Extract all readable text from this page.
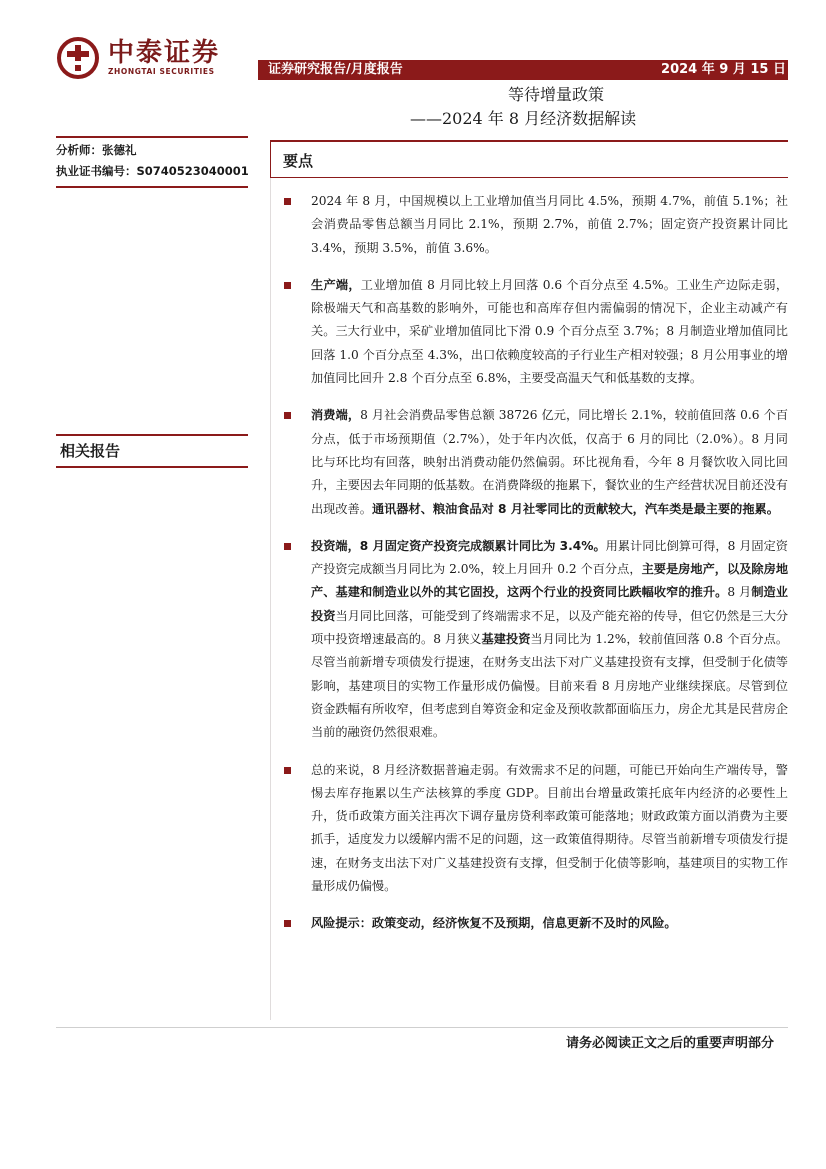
中泰证券
ZHONGTAI SECURITIES	证券研究报告/月度报告	2024 年 9 月 15 日
等待增量政策
——2024 年 8 月经济数据解读
分析师：张德礼
执业证书编号：S0740523040001
相关报告
要点
2024 年 8 月，中国规模以上工业增加值当月同比 4.5%，预期 4.7%，前值 5.1%；社会消费品零售总额当月同比 2.1%，预期 2.7%，前值 2.7%；固定资产投资累计同比 3.4%，预期 3.5%，前值 3.6%。
生产端，工业增加值 8 月同比较上月回落 0.6 个百分点至 4.5%。工业生产边际走弱，除极端天气和高基数的影响外，可能也和高库存但内需偏弱的情况下，企业主动减产有关。三大行业中，采矿业增加值同比下滑 0.9 个百分点至 3.7%；8 月制造业增加值同比回落 1.0 个百分点至 4.3%，出口依赖度较高的子行业生产相对较强；8 月公用事业的增加值同比回升 2.8 个百分点至 6.8%，主要受高温天气和低基数的支撑。
消费端，8 月社会消费品零售总额 38726 亿元，同比增长 2.1%，较前值回落 0.6 个百分点，低于市场预期值（2.7%），处于年内次低，仅高于 6 月的同比（2.0%）。8 月同比与环比均有回落，映射出消费动能仍然偏弱。环比视角看，今年 8 月餐饮收入同比回升，主要因去年同期的低基数。在消费降级的拖累下，餐饮业的生产经营状况目前还没有出现改善。通讯器材、粮油食品对 8 月社零同比的贡献较大，汽车类是最主要的拖累。
投资端，8 月固定资产投资完成额累计同比为 3.4%。用累计同比倒算可得，8 月固定资产投资完成额当月同比为 2.0%，较上月回升 0.2 个百分点，主要是房地产，以及除房地产、基建和制造业以外的其它固投，这两个行业的投资同比跌幅收窄的推升。8 月制造业投资当月同比回落，可能受到了终端需求不足，以及产能充裕的传导，但它仍然是三大分项中投资增速最高的。8 月狭义基建投资当月同比为 1.2%，较前值回落 0.8 个百分点。尽管当前新增专项债发行提速，在财务支出法下对广义基建投资有支撑，但受制于化债等影响，基建项目的实物工作量形成仍偏慢。目前来看 8 月房地产业继续探底。尽管到位资金跌幅有所收窄，但考虑到自筹资金和定金及预收款都面临压力，房企尤其是民营房企当前的融资仍然很艰难。
总的来说，8 月经济数据普遍走弱。有效需求不足的问题，可能已开始向生产端传导，警惕去库存拖累以生产法核算的季度 GDP。目前出台增量政策托底年内经济的必要性上升，货币政策方面关注再次下调存量房贷利率政策可能落地；财政政策方面以消费为主要抓手，适度发力以缓解内需不足的问题，这一政策值得期待。尽管当前新增专项债发行提速，在财务支出法下对广义基建投资有支撑，但受制于化债等影响，基建项目的实物工作量形成仍偏慢。
风险提示：政策变动，经济恢复不及预期，信息更新不及时的风险。
请务必阅读正文之后的重要声明部分
